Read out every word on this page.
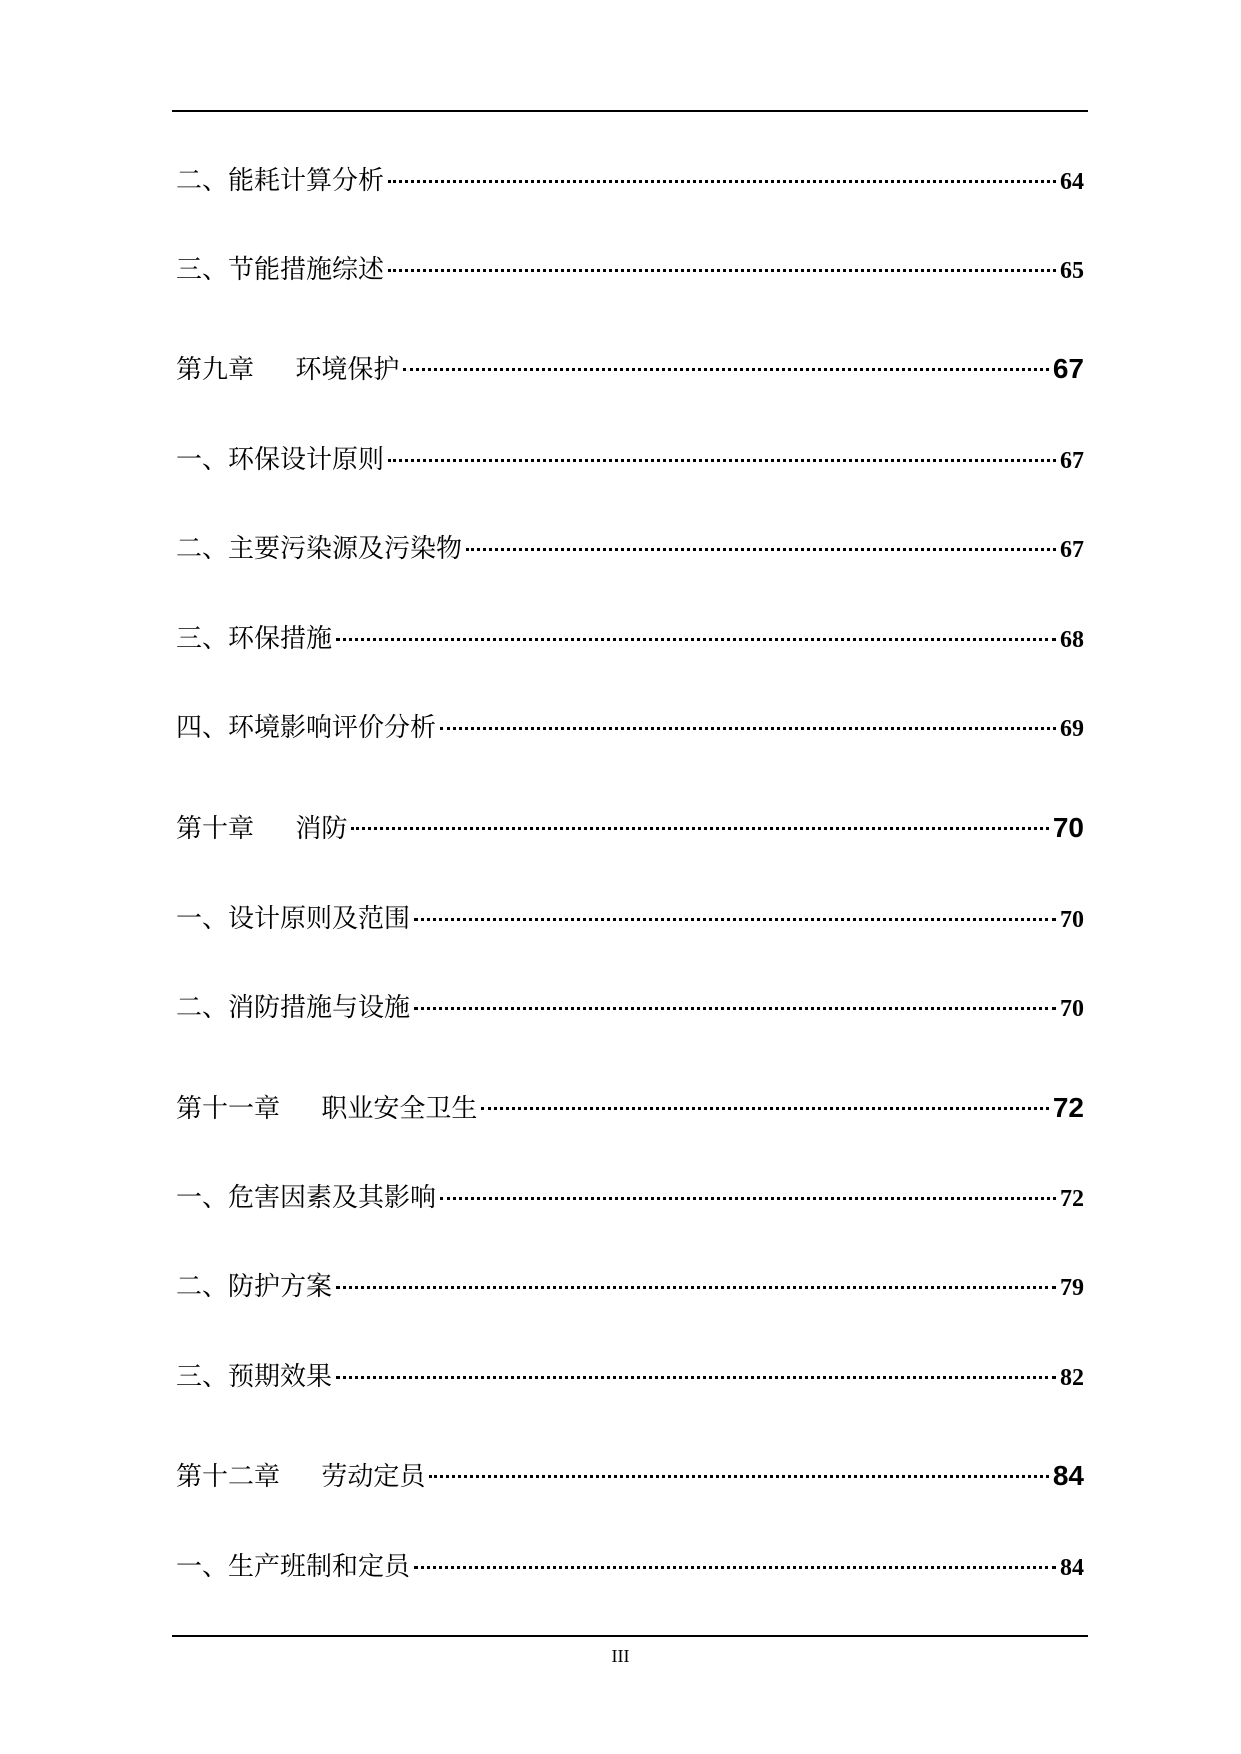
二、能耗计算分析	64
三、节能措施综述	65
第九章     环境保护	67
一、环保设计原则	67
二、主要污染源及污染物	67
三、环保措施	68
四、环境影响评价分析	69
第十章     消防	70
一、设计原则及范围	70
二、消防措施与设施	70
第十一章     职业安全卫生	72
一、危害因素及其影响	72
二、防护方案	79
三、预期效果	82
第十二章     劳动定员	84
一、生产班制和定员	84
III
